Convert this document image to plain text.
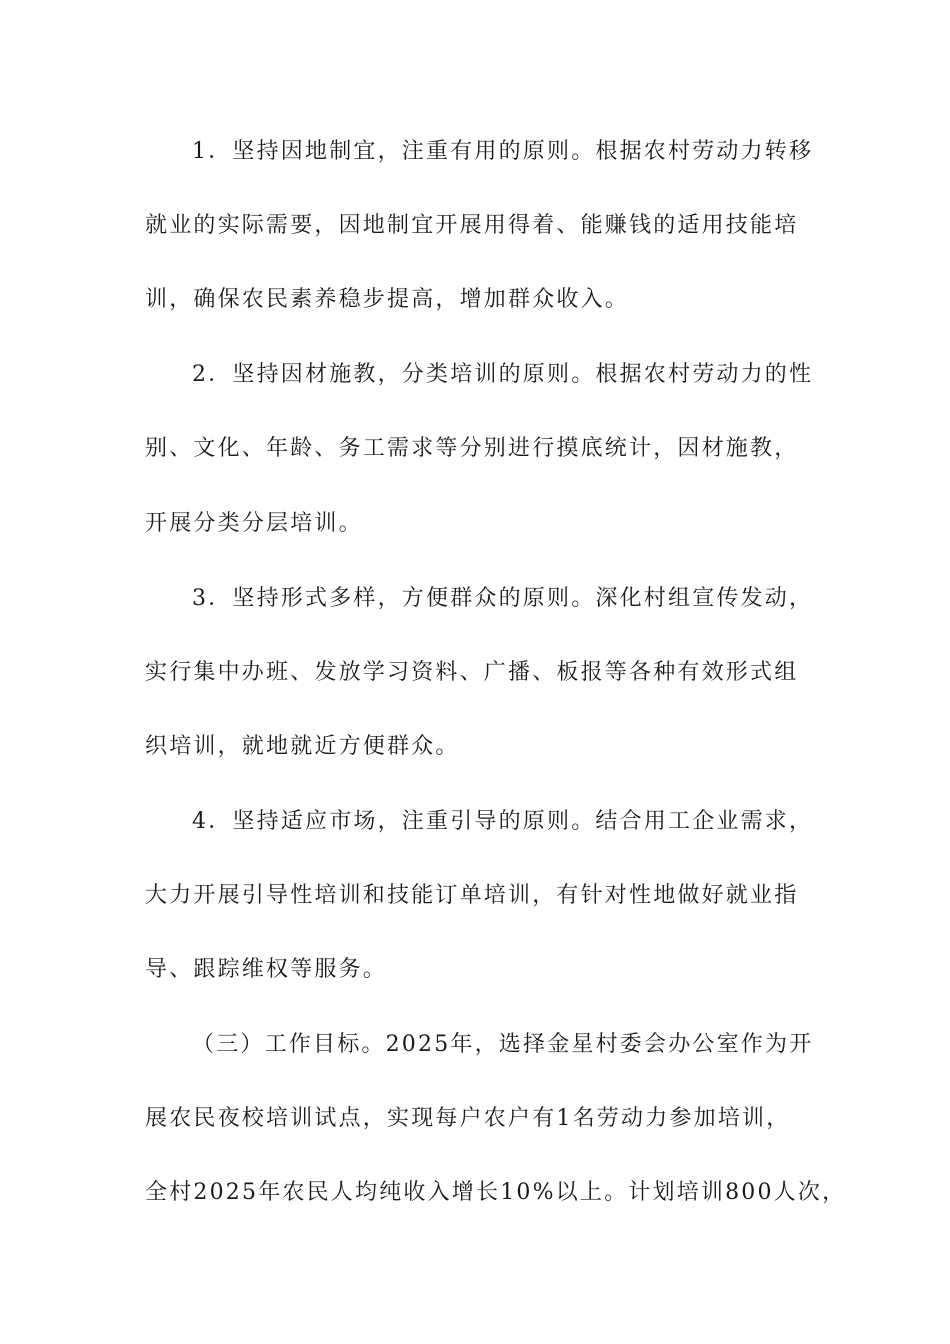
1．坚持因地制宜，注重有用的原则。根据农村劳动力转移
就业的实际需要，因地制宜开展用得着、能赚钱的适用技能培
训，确保农民素养稳步提高，增加群众收入。
2．坚持因材施教，分类培训的原则。根据农村劳动力的性
别、文化、年龄、务工需求等分别进行摸底统计，因材施教，
开展分类分层培训。
3．坚持形式多样，方便群众的原则。深化村组宣传发动，
实行集中办班、发放学习资料、广播、板报等各种有效形式组
织培训，就地就近方便群众。
4．坚持适应市场，注重引导的原则。结合用工企业需求，
大力开展引导性培训和技能订单培训，有针对性地做好就业指
导、跟踪维权等服务。
（三）工作目标。2025年，选择金星村委会办公室作为开
展农民夜校培训试点，实现每户农户有1名劳动力参加培训，
全村2025年农民人均纯收入增长10%以上。计划培训800人次，
